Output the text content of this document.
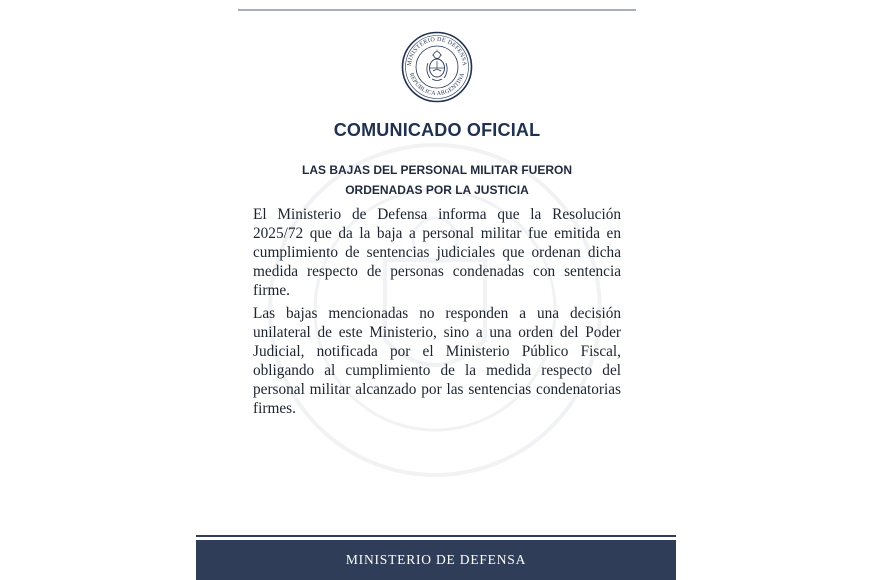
MINISTERIO DE DEFENSA
REPÚBLICA ARGENTINA
COMUNICADO OFICIAL
LAS BAJAS DEL PERSONAL MILITAR FUERON
ORDENADAS POR LA JUSTICIA

El Ministerio de Defensa informa que la Resolución 2025/72 que da la baja a personal militar fue emitida en cumplimiento de sentencias judiciales que ordenan dicha medida respecto de personas condenadas con sentencia firme.

Las bajas mencionadas no responden a una decisión unilateral de este Ministerio, sino a una orden del Poder Judicial, notificada por el Ministerio Público Fiscal, obligando al cumplimiento de la medida respecto del personal militar alcanzado por las sentencias condenatorias firmes.

MINISTERIO DE DEFENSA
